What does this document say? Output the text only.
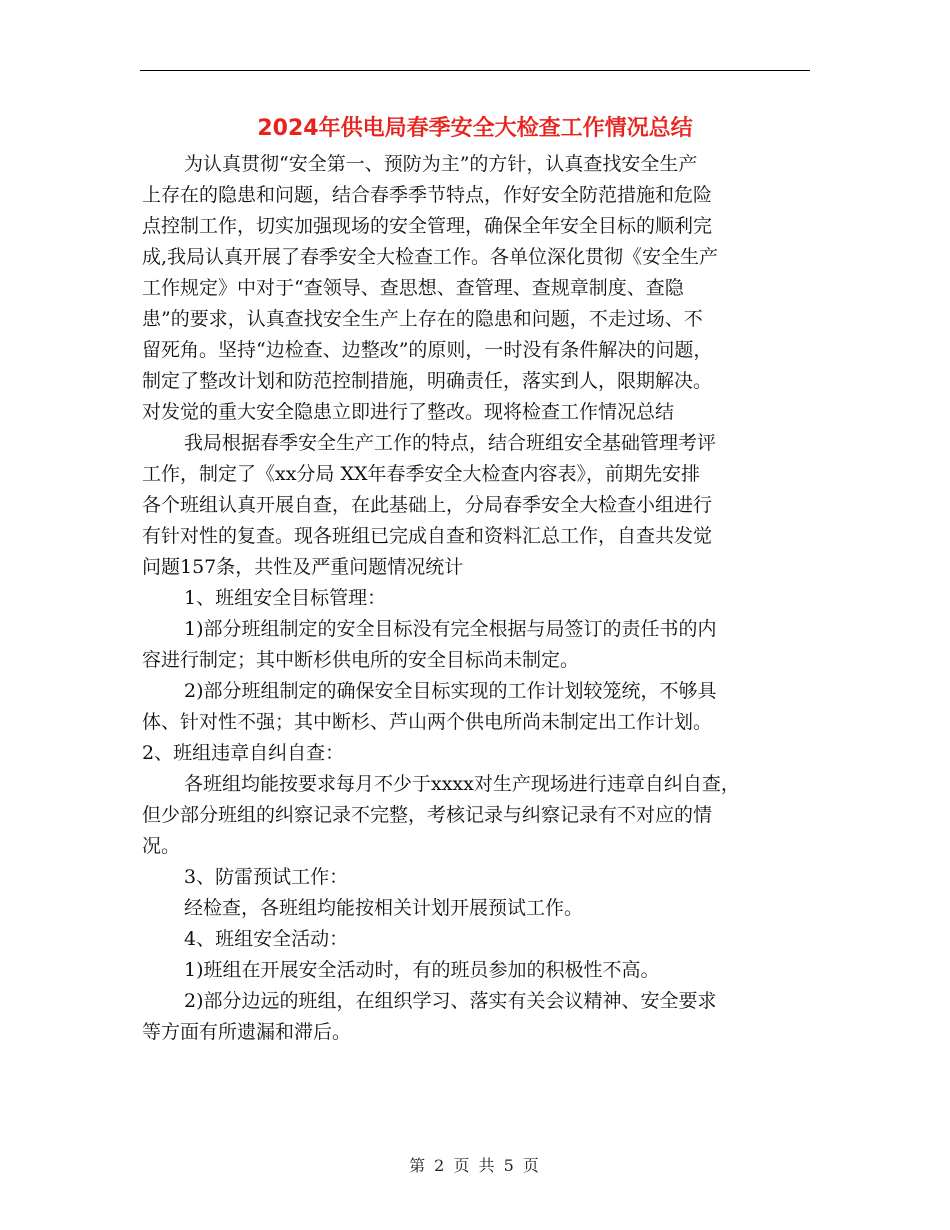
2024年供电局春季安全大检查工作情况总结
为认真贯彻“安全第一、预防为主”的方针，认真查找安全生产
上存在的隐患和问题，结合春季季节特点，作好安全防范措施和危险
点控制工作，切实加强现场的安全管理，确保全年安全目标的顺利完
成,我局认真开展了春季安全大检查工作。各单位深化贯彻《安全生产
工作规定》中对于“查领导、查思想、查管理、查规章制度、查隐
患”的要求，认真查找安全生产上存在的隐患和问题，不走过场、不
留死角。坚持“边检查、边整改”的原则，一时没有条件解决的问题，
制定了整改计划和防范控制措施，明确责任，落实到人，限期解决。
对发觉的重大安全隐患立即进行了整改。现将检查工作情况总结
我局根据春季安全生产工作的特点，结合班组安全基础管理考评
工作，制定了《xx分局 XX年春季安全大检查内容表》，前期先安排
各个班组认真开展自查，在此基础上，分局春季安全大检查小组进行
有针对性的复查。现各班组已完成自查和资料汇总工作，自查共发觉
问题157条，共性及严重问题情况统计
1、班组安全目标管理：
1)部分班组制定的安全目标没有完全根据与局签订的责任书的内
容进行制定；其中断杉供电所的安全目标尚未制定。
2)部分班组制定的确保安全目标实现的工作计划较笼统，不够具
体、针对性不强；其中断杉、芦山两个供电所尚未制定出工作计划。
2、班组违章自纠自查：
各班组均能按要求每月不少于xxxx对生产现场进行违章自纠自查，
但少部分班组的纠察记录不完整，考核记录与纠察记录有不对应的情
况。
3、防雷预试工作：
经检查，各班组均能按相关计划开展预试工作。
4、班组安全活动：
1)班组在开展安全活动时，有的班员参加的积极性不高。
2)部分边远的班组，在组织学习、落实有关会议精神、安全要求
等方面有所遗漏和滞后。
第 2 页 共 5 页
